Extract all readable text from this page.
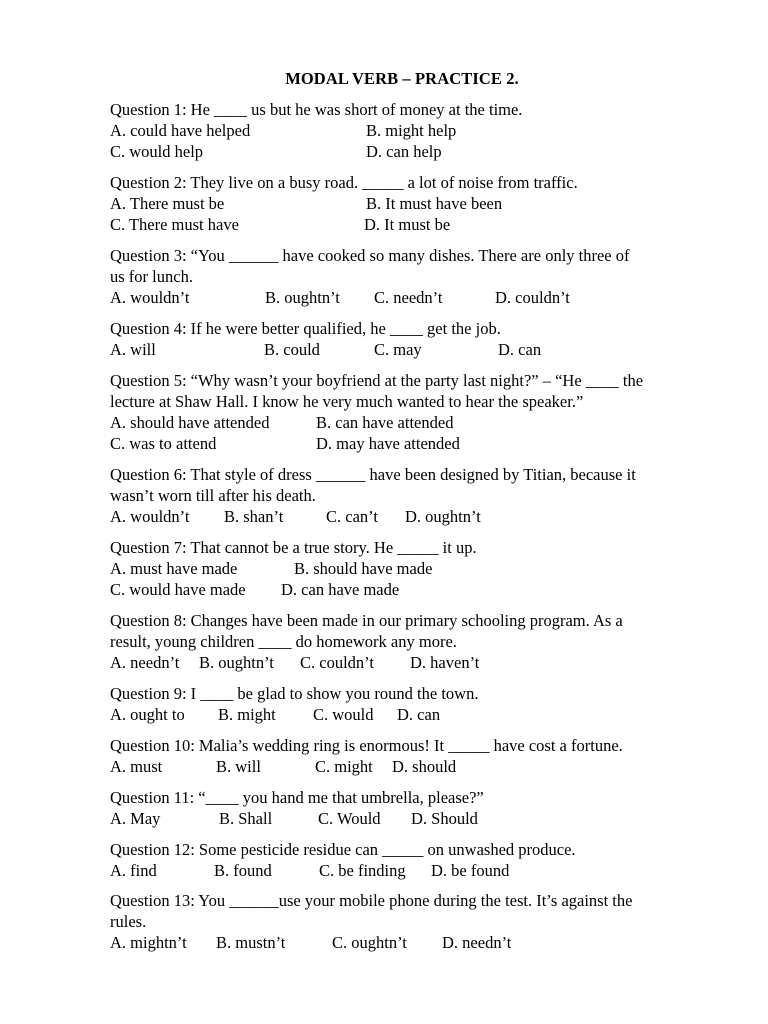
MODAL VERB – PRACTICE 2.
Question 1: He ____ us but he was short of money at the time.
A. could have helped	B. might help
C. would help	D. can help
Question 2: They live on a busy road. _____ a lot of noise from traffic.
A. There must be	B. It must have been
C. There must have	D. It must be
Question 3: “You ______ have cooked so many dishes. There are only three of
us for lunch.
A. wouldn’t	B. oughtn’t C. needn’t	D. couldn’t
Question 4: If he were better qualified, he ____ get the job.
A. will	B. could	C. may	D. can
Question 5: “Why wasn’t your boyfriend at the party last night?” – “He ____ the
lecture at Shaw Hall. I know he very much wanted to hear the speaker.”
A. should have attended	B. can have attended
C. was to attend	D. may have attended
Question 6: That style of dress ______ have been designed by Titian, because it
wasn’t worn till after his death.
A. wouldn’t B. shan’t	C. can’t D. oughtn’t
Question 7: That cannot be a true story. He _____ it up.
A. must have made	B. should have made
C. would have made D. can have made
Question 8: Changes have been made in our primary schooling program. As a
result, young children ____ do homework any more.
A. needn’t B. oughtn’t C. couldn’t D. haven’t
Question 9: I ____ be glad to show you round the town.
A. ought to B. might C. would D. can
Question 10: Malia’s wedding ring is enormous! It _____ have cost a fortune.
A. must	B. will	C. might D. should
Question 11: “____ you hand me that umbrella, please?”
A. May	B. Shall	C. Would D. Should
Question 12: Some pesticide residue can _____ on unwashed produce.
A. find	B. found	C. be finding D. be found
Question 13: You ______use your mobile phone during the test. It’s against the
rules.
A. mightn’t B. mustn’t	C. oughtn’t D. needn’t
